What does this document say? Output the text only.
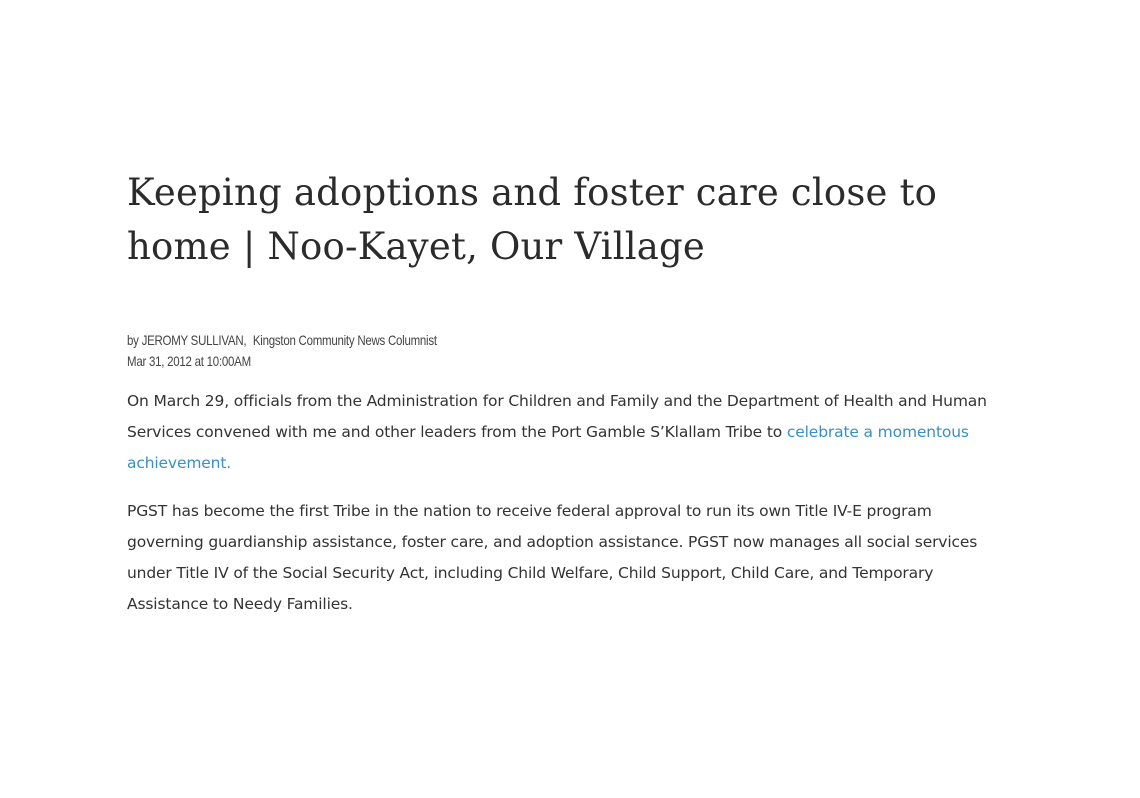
Keeping adoptions and foster care close to home | Noo-Kayet, Our Village
by JEROMY SULLIVAN, Kingston Community News Columnist
Mar 31, 2012 at 10:00AM

On March 29, officials from the Administration for Children and Family and the Department of Health and Human Services convened with me and other leaders from the Port Gamble S’Klallam Tribe to celebrate a momentous achievement.

PGST has become the first Tribe in the nation to receive federal approval to run its own Title IV-E program governing guardianship assistance, foster care, and adoption assistance. PGST now manages all social services under Title IV of the Social Security Act, including Child Welfare, Child Support, Child Care, and Temporary Assistance to Needy Families.
